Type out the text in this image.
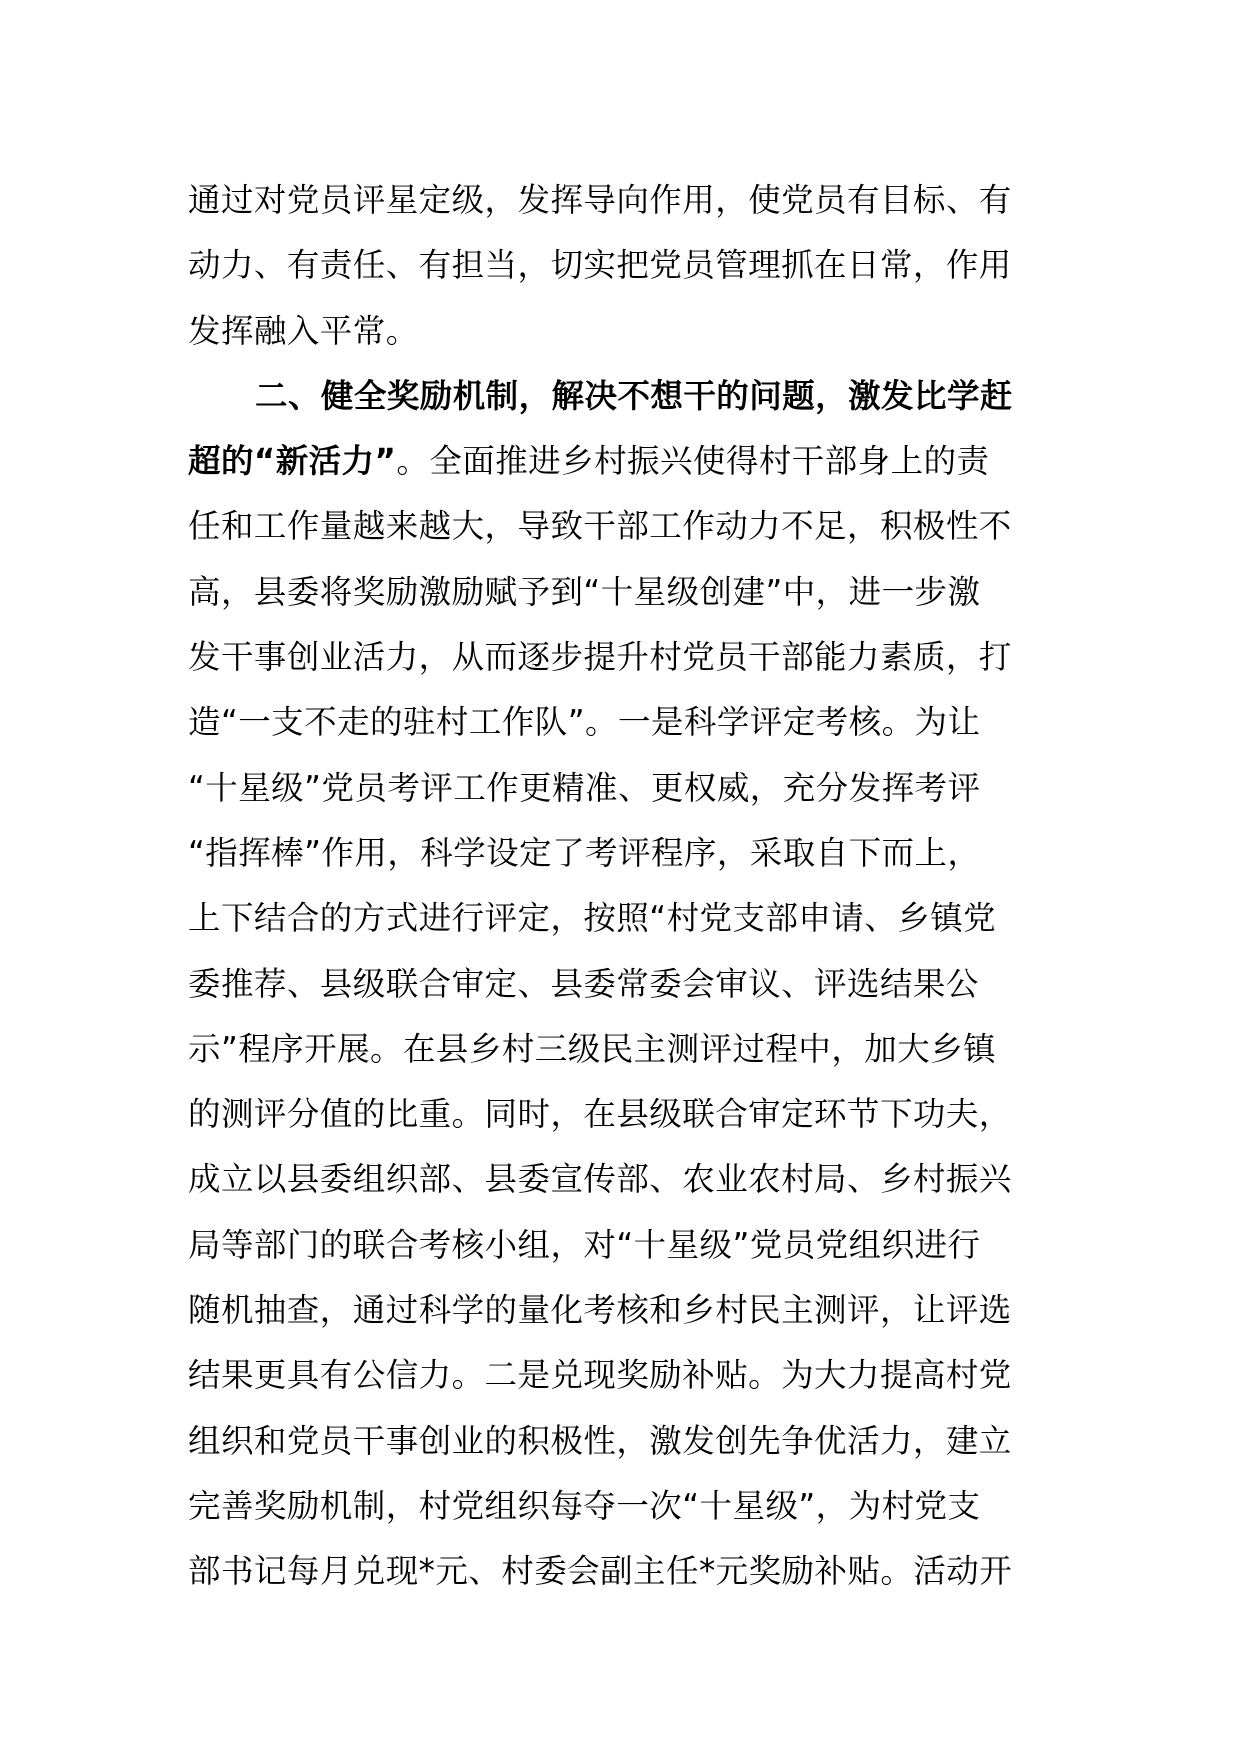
通过对党员评星定级，发挥导向作用，使党员有目标、有
动力、有责任、有担当，切实把党员管理抓在日常，作用
发挥融入平常。
二、健全奖励机制，解决不想干的问题，激发比学赶
超的“新活力”。全面推进乡村振兴使得村干部身上的责
任和工作量越来越大，导致干部工作动力不足，积极性不
高，县委将奖励激励赋予到“十星级创建”中，进一步激
发干事创业活力，从而逐步提升村党员干部能力素质，打
造“一支不走的驻村工作队”。一是科学评定考核。为让
“十星级”党员考评工作更精准、更权威，充分发挥考评
“指挥棒”作用，科学设定了考评程序，采取自下而上，
上下结合的方式进行评定，按照“村党支部申请、乡镇党
委推荐、县级联合审定、县委常委会审议、评选结果公
示”程序开展。在县乡村三级民主测评过程中，加大乡镇
的测评分值的比重。同时，在县级联合审定环节下功夫，
成立以县委组织部、县委宣传部、农业农村局、乡村振兴
局等部门的联合考核小组，对“十星级”党员党组织进行
随机抽查，通过科学的量化考核和乡村民主测评，让评选
结果更具有公信力。二是兑现奖励补贴。为大力提高村党
组织和党员干事创业的积极性，激发创先争优活力，建立
完善奖励机制，村党组织每夺一次“十星级”，为村党支
部书记每月兑现*元、村委会副主任*元奖励补贴。活动开
